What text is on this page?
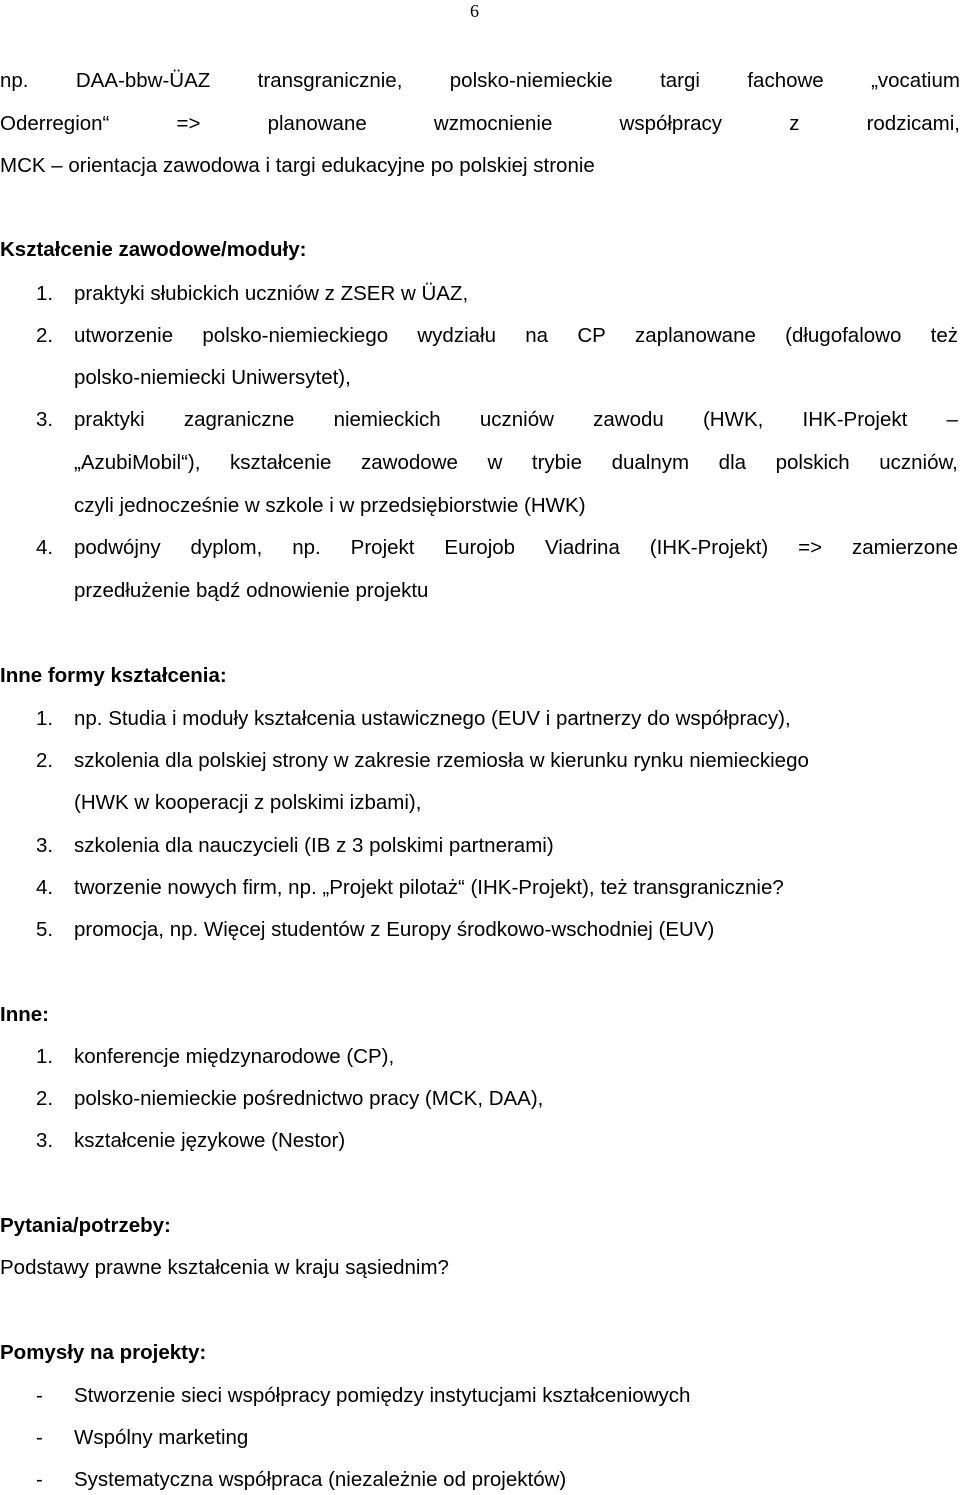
6
np. DAA-bbw-ÜAZ transgranicznie, polsko-niemieckie targi fachowe „vocatium
Oderregion“	=>	planowane	wzmocnienie	współpracy	z	rodzicami,
MCK – orientacja zawodowa i targi edukacyjne po polskiej stronie
Kształcenie zawodowe/moduły:
1. praktyki słubickich uczniów z ZSER w ÜAZ,
2. utworzenie polsko-niemieckiego wydziału na CP zaplanowane (długofalowo też
polsko-niemiecki Uniwersytet),
3. praktyki zagraniczne niemieckich uczniów zawodu (HWK, IHK-Projekt –
„AzubiMobil“), kształcenie zawodowe w trybie dualnym dla polskich uczniów,
czyli jednocześnie w szkole i w przedsiębiorstwie (HWK)
4. podwójny dyplom, np. Projekt Eurojob Viadrina (IHK-Projekt) => zamierzone
przedłużenie bądź odnowienie projektu
Inne formy kształcenia:
1. np. Studia i moduły kształcenia ustawicznego (EUV i partnerzy do współpracy),
2. szkolenia dla polskiej strony w zakresie rzemiosła w kierunku rynku niemieckiego
(HWK w kooperacji z polskimi izbami),
3. szkolenia dla nauczycieli (IB z 3 polskimi partnerami)
4. tworzenie nowych firm, np. „Projekt pilotaż“ (IHK-Projekt), też transgranicznie?
5. promocja, np. Więcej studentów z Europy środkowo-wschodniej (EUV)
Inne:
1. konferencje międzynarodowe (CP),
2. polsko-niemieckie pośrednictwo pracy (MCK, DAA),
3. kształcenie językowe (Nestor)
Pytania/potrzeby:
Podstawy prawne kształcenia w kraju sąsiednim?
Pomysły na projekty:
- Stworzenie sieci współpracy pomiędzy instytucjami kształceniowych
- Wspólny marketing
- Systematyczna współpraca (niezależnie od projektów)
